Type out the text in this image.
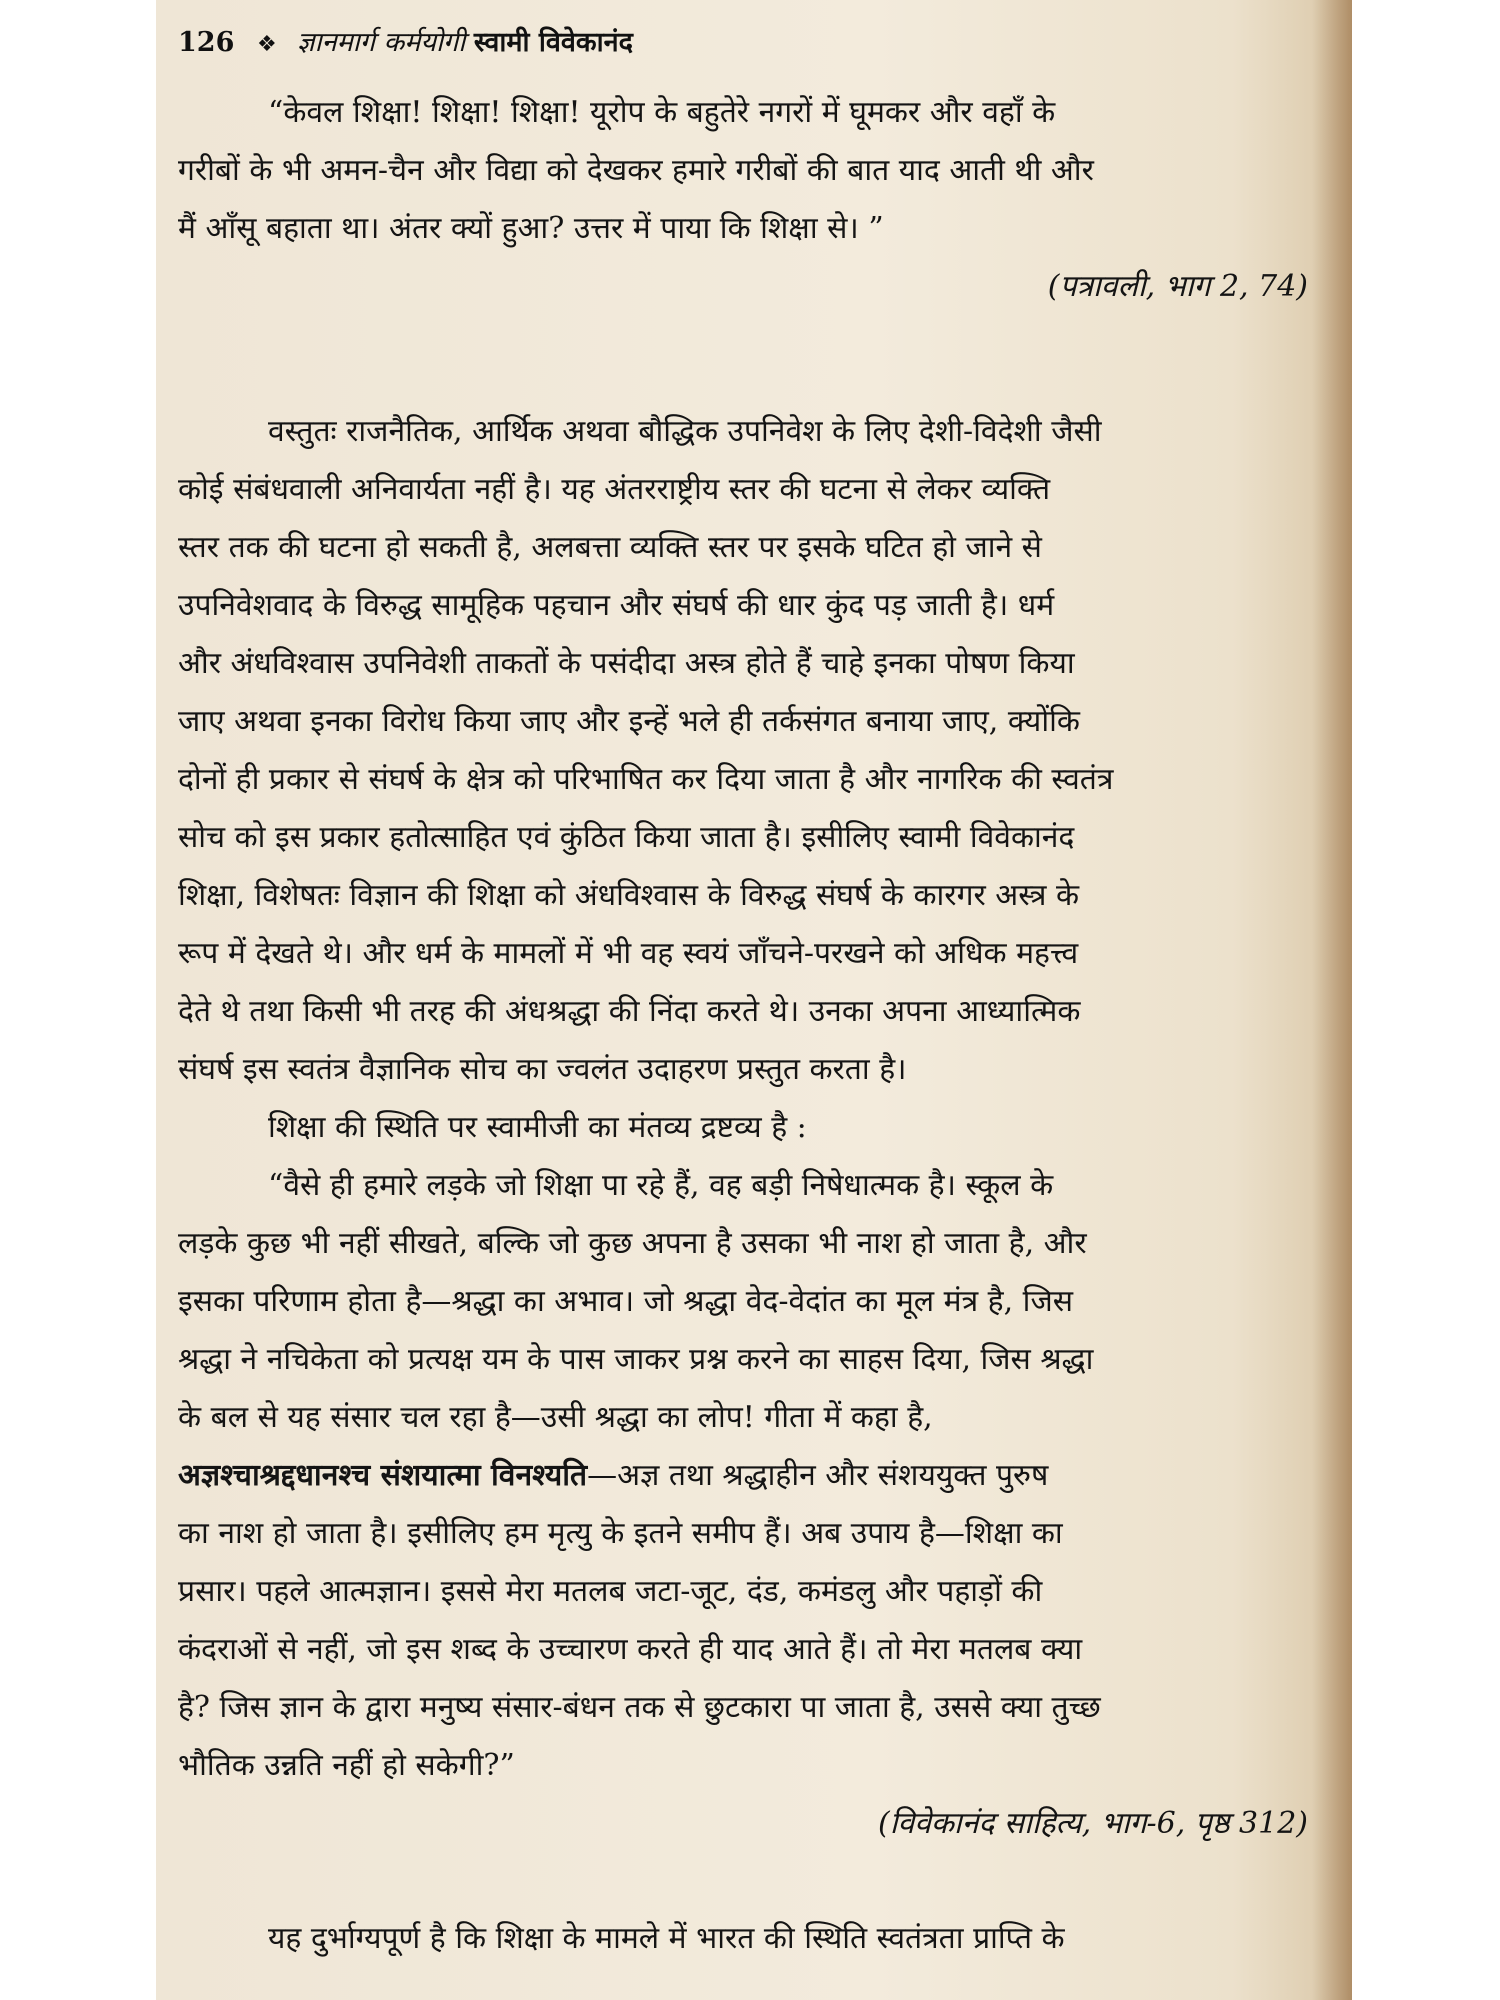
126 ❖ ज्ञानमार्ग कर्मयोगी स्वामी विवेकानंद
“केवल शिक्षा! शिक्षा! शिक्षा! यूरोप के बहुतेरे नगरों में घूमकर और वहाँ के
गरीबों के भी अमन-चैन और विद्या को देखकर हमारे गरीबों की बात याद आती थी और
मैं आँसू बहाता था। अंतर क्यों हुआ? उत्तर में पाया कि शिक्षा से। ”
(पत्रावली, भाग 2, 74)
वस्तुतः राजनैतिक, आर्थिक अथवा बौद्धिक उपनिवेश के लिए देशी-विदेशी जैसी
कोई संबंधवाली अनिवार्यता नहीं है। यह अंतरराष्ट्रीय स्तर की घटना से लेकर व्यक्ति
स्तर तक की घटना हो सकती है, अलबत्ता व्यक्ति स्तर पर इसके घटित हो जाने से
उपनिवेशवाद के विरुद्ध सामूहिक पहचान और संघर्ष की धार कुंद पड़ जाती है। धर्म
और अंधविश्वास उपनिवेशी ताकतों के पसंदीदा अस्त्र होते हैं चाहे इनका पोषण किया
जाए अथवा इनका विरोध किया जाए और इन्हें भले ही तर्कसंगत बनाया जाए, क्योंकि
दोनों ही प्रकार से संघर्ष के क्षेत्र को परिभाषित कर दिया जाता है और नागरिक की स्वतंत्र
सोच को इस प्रकार हतोत्साहित एवं कुंठित किया जाता है। इसीलिए स्वामी विवेकानंद
शिक्षा, विशेषतः विज्ञान की शिक्षा को अंधविश्वास के विरुद्ध संघर्ष के कारगर अस्त्र के
रूप में देखते थे। और धर्म के मामलों में भी वह स्वयं जाँचने-परखने को अधिक महत्त्व
देते थे तथा किसी भी तरह की अंधश्रद्धा की निंदा करते थे। उनका अपना आध्यात्मिक
संघर्ष इस स्वतंत्र वैज्ञानिक सोच का ज्वलंत उदाहरण प्रस्तुत करता है।
शिक्षा की स्थिति पर स्वामीजी का मंतव्य द्रष्टव्य है :
“वैसे ही हमारे लड़के जो शिक्षा पा रहे हैं, वह बड़ी निषेधात्मक है। स्कूल के
लड़के कुछ भी नहीं सीखते, बल्कि जो कुछ अपना है उसका भी नाश हो जाता है, और
इसका परिणाम होता है—श्रद्धा का अभाव। जो श्रद्धा वेद-वेदांत का मूल मंत्र है, जिस
श्रद्धा ने नचिकेता को प्रत्यक्ष यम के पास जाकर प्रश्न करने का साहस दिया, जिस श्रद्धा
के बल से यह संसार चल रहा है—उसी श्रद्धा का लोप! गीता में कहा है,
अज्ञश्चाश्रद्दधानश्च संशयात्मा विनश्यति—अज्ञ तथा श्रद्धाहीन और संशययुक्त पुरुष
का नाश हो जाता है। इसीलिए हम मृत्यु के इतने समीप हैं। अब उपाय है—शिक्षा का
प्रसार। पहले आत्मज्ञान। इससे मेरा मतलब जटा-जूट, दंड, कमंडलु और पहाड़ों की
कंदराओं से नहीं, जो इस शब्द के उच्चारण करते ही याद आते हैं। तो मेरा मतलब क्या
है? जिस ज्ञान के द्वारा मनुष्य संसार-बंधन तक से छुटकारा पा जाता है, उससे क्या तुच्छ
भौतिक उन्नति नहीं हो सकेगी?”
(विवेकानंद साहित्य, भाग-6, पृष्ठ 312)
यह दुर्भाग्यपूर्ण है कि शिक्षा के मामले में भारत की स्थिति स्वतंत्रता प्राप्ति के
